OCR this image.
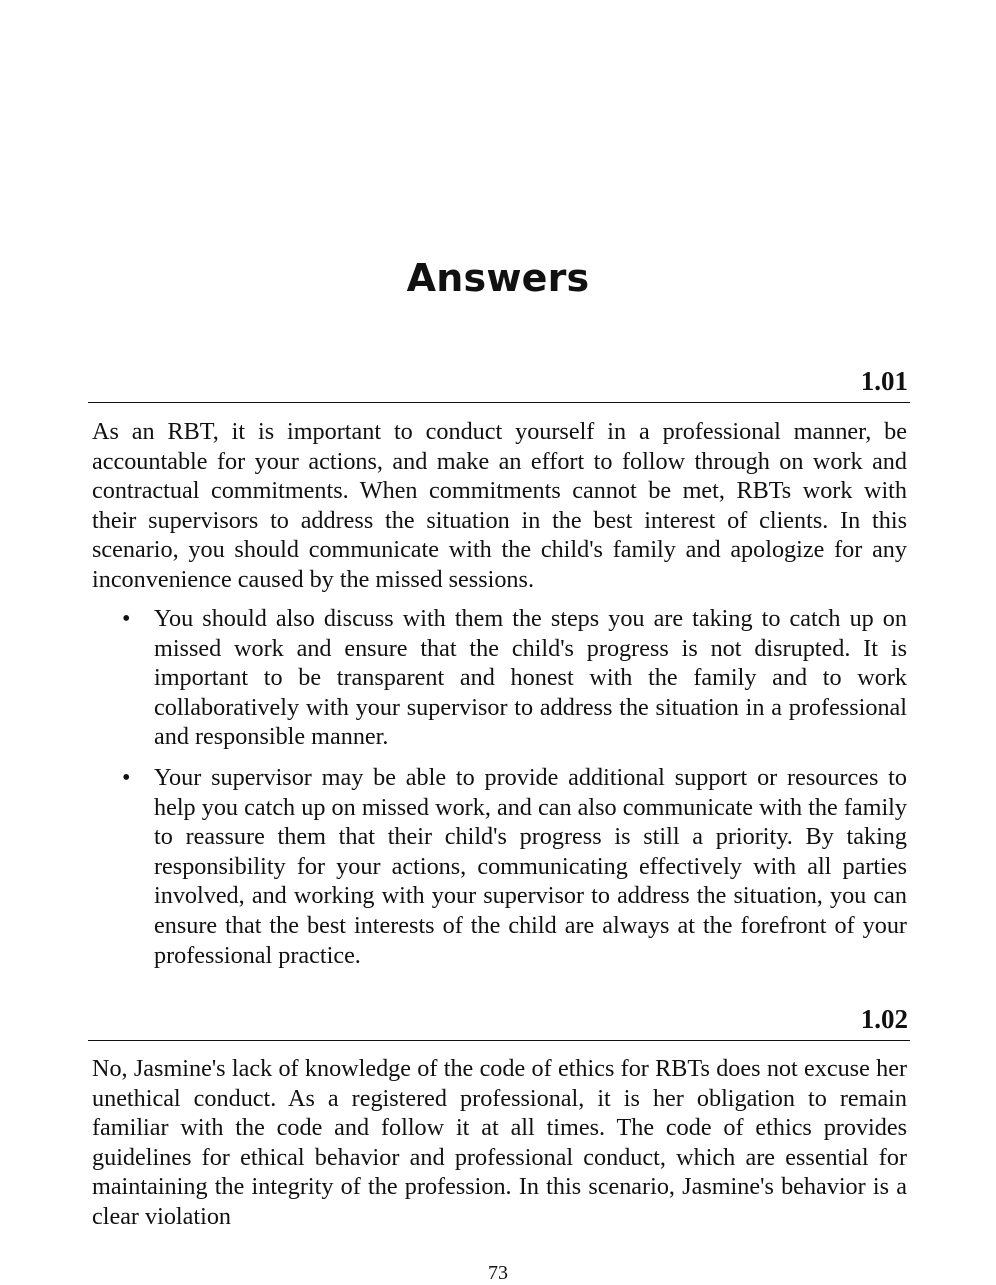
Answers
1.01

As an RBT, it is important to conduct yourself in a professional manner, be accountable for your actions, and make an effort to follow through on work and contractual commitments. When commitments cannot be met, RBTs work with their supervisors to address the situation in the best interest of clients. In this scenario, you should communicate with the child's family and apologize for any inconvenience caused by the missed sessions.

• You should also discuss with them the steps you are taking to catch up on missed work and ensure that the child's progress is not disrupted. It is important to be transparent and honest with the family and to work collaboratively with your supervisor to address the situation in a professional and responsible manner.
• Your supervisor may be able to provide additional support or resources to help you catch up on missed work, and can also communicate with the family to reassure them that their child's progress is still a priority. By taking responsibility for your actions, communicating effectively with all parties involved, and working with your supervisor to address the situation, you can ensure that the best interests of the child are always at the forefront of your professional practice.
1.02

No, Jasmine's lack of knowledge of the code of ethics for RBTs does not excuse her unethical conduct. As a registered professional, it is her obligation to remain familiar with the code and follow it at all times. The code of ethics provides guidelines for ethical behavior and professional conduct, which are essential for maintaining the integrity of the profession. In this scenario, Jasmine's behavior is a clear violation

73
